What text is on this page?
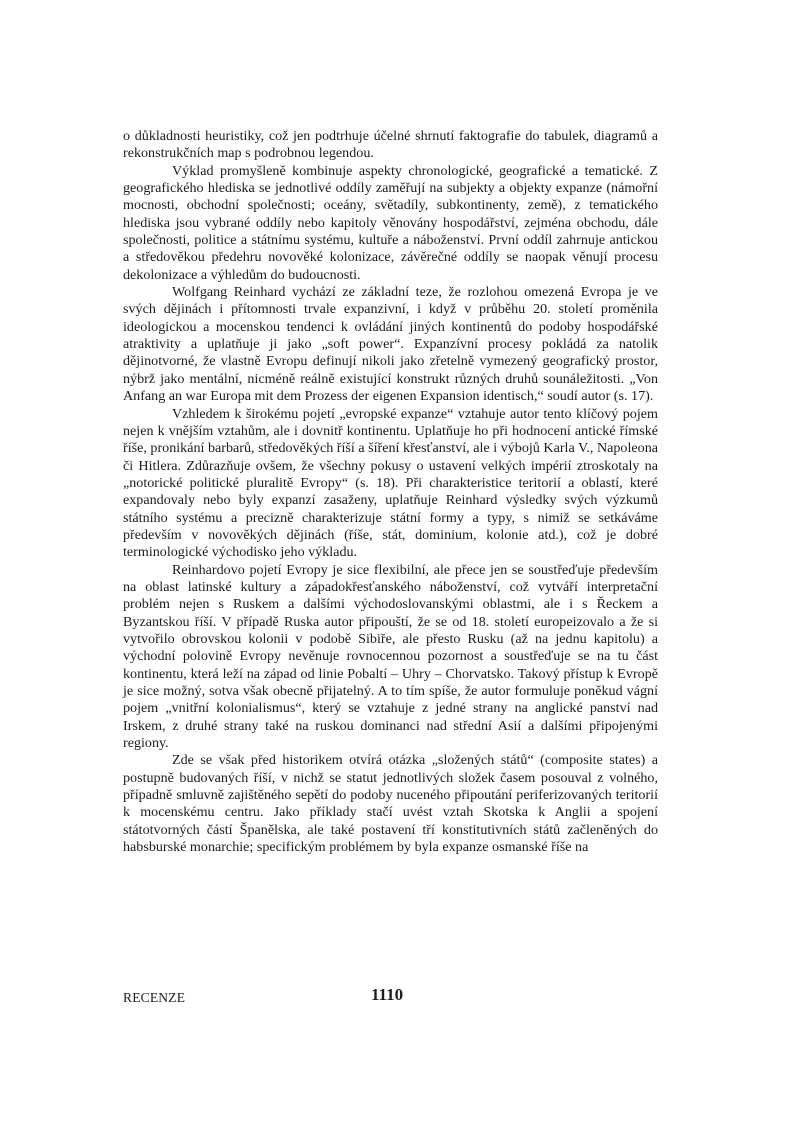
o důkladnosti heuristiky, což jen podtrhuje účelné shrnutí faktografie do tabulek, diagramů a rekonstrukčních map s podrobnou legendou.

Výklad promyšleně kombinuje aspekty chronologické, geografické a tematické. Z geografického hlediska se jednotlivé oddíly zaměřují na subjekty a objekty expanze (námořní mocnosti, obchodní společnosti; oceány, světadíly, subkontinenty, země), z tematického hlediska jsou vybrané oddíly nebo kapitoly věnovány hospodářství, zejména obchodu, dále společnosti, politice a státnímu systému, kultuře a náboženství. První oddíl zahrnuje antickou a středověkou předehru novověké kolonizace, závěrečné oddíly se naopak věnují procesu dekolonizace a výhledům do budoucnosti.

Wolfgang Reinhard vychází ze základní teze, že rozlohou omezená Evropa je ve svých dějinách i přítomnosti trvale expanzivní, i když v průběhu 20. století proměnila ideologickou a mocenskou tendenci k ovládání jiných kontinentů do podoby hospodářské atraktivity a uplatňuje ji jako „soft power“. Expanzívní procesy pokládá za natolik dějinotvorné, že vlastně Evropu definují nikoli jako zřetelně vymezený geografický prostor, nýbrž jako mentální, nicméně reálně existující konstrukt různých druhů sounáležitosti. „Von Anfang an war Europa mit dem Prozess der eigenen Expansion identisch,“ soudí autor (s. 17).

Vzhledem k širokému pojetí „evropské expanze“ vztahuje autor tento klíčový pojem nejen k vnějším vztahům, ale i dovnitř kontinentu. Uplatňuje ho při hodnocení antické římské říše, pronikání barbarů, středověkých říší a šíření křesťanství, ale i výbojů Karla V., Napoleona či Hitlera. Zdůrazňuje ovšem, že všechny pokusy o ustavení velkých impérií ztroskotaly na „notorické politické pluralitě Evropy“ (s. 18). Při charakteristice teritorií a oblastí, které expandovaly nebo byly expanzí zasaženy, uplatňuje Reinhard výsledky svých výzkumů státního systému a precizně charakterizuje státní formy a typy, s nimiž se setkáváme především v novověkých dějinách (říše, stát, dominium, kolonie atd.), což je dobré terminologické východisko jeho výkladu.

Reinhardovo pojetí Evropy je sice flexibilní, ale přece jen se soustřeďuje především na oblast latinské kultury a západokřesťanského náboženství, což vytváří interpretační problém nejen s Ruskem a dalšími východoslovanskými oblastmi, ale i s Řeckem a Byzantskou říší. V případě Ruska autor připouští, že se od 18. století europeizovalo a že si vytvořilo obrovskou kolonii v podobě Sibiře, ale přesto Rusku (až na jednu kapitolu) a východní polovině Evropy nevěnuje rovnocennou pozornost a soustřeďuje se na tu část kontinentu, která leží na západ od linie Pobaltí – Uhry – Chorvatsko. Takový přístup k Evropě je sice možný, sotva však obecně přijatelný. A to tím spíše, že autor formuluje poněkud vágní pojem „vnitřní kolonialismus“, který se vztahuje z jedné strany na anglické panství nad Irskem, z druhé strany také na ruskou dominanci nad střední Asií a dalšími připojenými regiony.

Zde se však před historikem otvírá otázka „složených států“ (composite states) a postupně budovaných říší, v nichž se statut jednotlivých složek časem posouval z volného, případně smluvně zajištěného sepětí do podoby nuceného připoutání periferizovaných teritorií k mocenskému centru. Jako příklady stačí uvést vztah Skotska k Anglii a spojení státotvorných částí Španělska, ale také postavení tří konstitutivních států začleněných do habsburské monarchie; specifickým problémem by byla expanze osmanské říše na

RECENZE	1110
